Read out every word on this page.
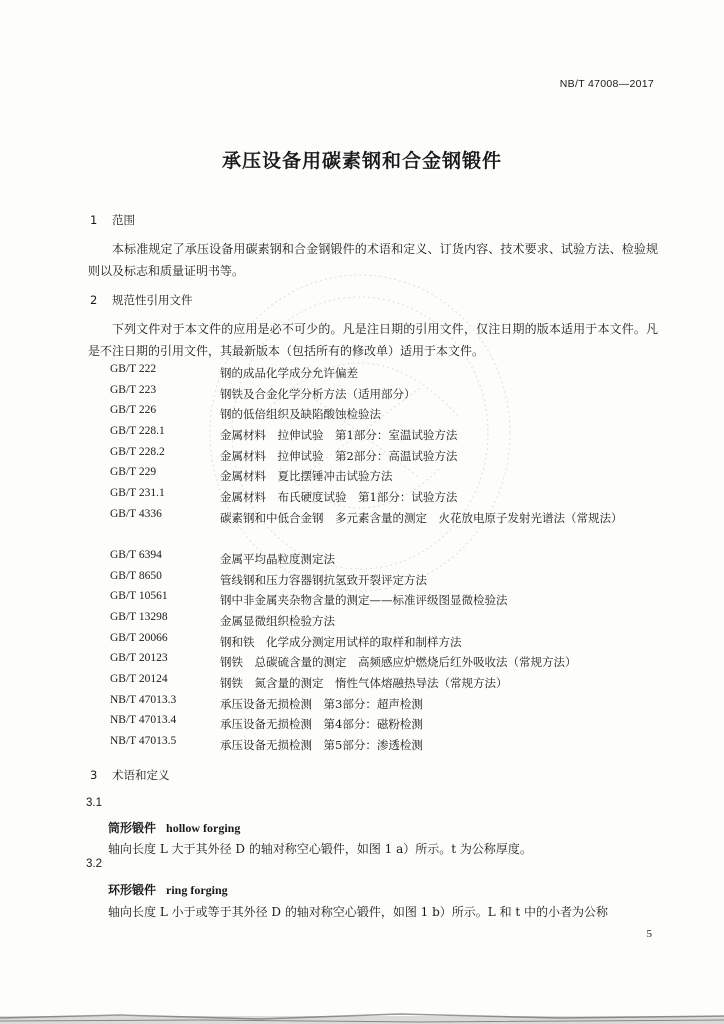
NB/T 47008—2017
承压设备用碳素钢和合金钢锻件
1 范围
本标准规定了承压设备用碳素钢和合金钢锻件的术语和定义、订货内容、技术要求、试验方法、检验规则以及标志和质量证明书等。
2 规范性引用文件
下列文件对于本文件的应用是必不可少的。凡是注日期的引用文件，仅注日期的版本适用于本文件。凡是不注日期的引用文件，其最新版本（包括所有的修改单）适用于本文件。
GB/T 222	钢的成品化学成分允许偏差
GB/T 223	钢铁及合金化学分析方法（适用部分）
GB/T 226	钢的低倍组织及缺陷酸蚀检验法
GB/T 228.1	金属材料　拉伸试验　第1部分：室温试验方法
GB/T 228.2	金属材料　拉伸试验　第2部分：高温试验方法
GB/T 229	金属材料　夏比摆锤冲击试验方法
GB/T 231.1	金属材料　布氏硬度试验　第1部分：试验方法
GB/T 4336	碳素钢和中低合金钢　多元素含量的测定　火花放电原子发射光谱法（常规法）
GB/T 6394	金属平均晶粒度测定法
GB/T 8650	管线钢和压力容器钢抗氢致开裂评定方法
GB/T 10561	钢中非金属夹杂物含量的测定——标准评级图显微检验法
GB/T 13298	金属显微组织检验方法
GB/T 20066	钢和铁　化学成分测定用试样的取样和制样方法
GB/T 20123	钢铁　总碳硫含量的测定　高频感应炉燃烧后红外吸收法（常规方法）
GB/T 20124	钢铁　氮含量的测定　惰性气体熔融热导法（常规方法）
NB/T 47013.3	承压设备无损检测　第3部分：超声检测
NB/T 47013.4	承压设备无损检测　第4部分：磁粉检测
NB/T 47013.5	承压设备无损检测　第5部分：渗透检测
3 术语和定义
3.1
筒形锻件 hollow forging
轴向长度 L 大于其外径 D 的轴对称空心锻件，如图 1 a）所示。t 为公称厚度。
3.2
环形锻件 ring forging
轴向长度 L 小于或等于其外径 D 的轴对称空心锻件，如图 1 b）所示。L 和 t 中的小者为公称
5
